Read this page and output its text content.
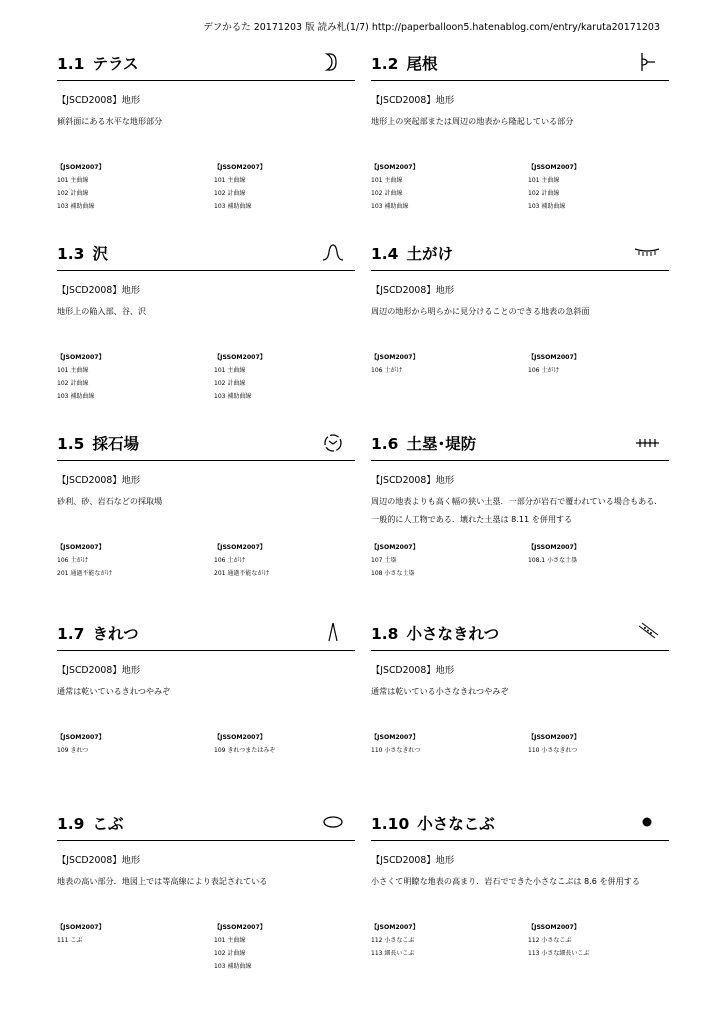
デフかるた 20171203 版 読み札(1/7) http://paperballoon5.hatenablog.com/entry/karuta20171203
1.1 テラス
【JSCD2008】地形
傾斜面にある水平な地形部分
【JSOM2007】
101 主曲線
102 計曲線
103 補助曲線
【JSSOM2007】
101 主曲線
102 計曲線
103 補助曲線
1.2 尾根
【JSCD2008】地形
地形上の突起部または周辺の地表から隆起している部分
【JSOM2007】
101 主曲線
102 計曲線
103 補助曲線
【JSSOM2007】
101 主曲線
102 計曲線
103 補助曲線
1.3 沢
【JSCD2008】地形
地形上の陥入部、谷、沢
【JSOM2007】
101 主曲線
102 計曲線
103 補助曲線
【JSSOM2007】
101 主曲線
102 計曲線
103 補助曲線
1.4 土がけ
【JSCD2008】地形
周辺の地形から明らかに見分けることのできる地表の急斜面
【JSOM2007】
106 土がけ
【JSSOM2007】
106 土がけ
1.5 採石場
【JSCD2008】地形
砂利、砂、岩石などの採取場
【JSOM2007】
106 土がけ
201 通過不能ながけ
【JSSOM2007】
106 土がけ
201 通過不能ながけ
1.6 土塁･堤防
【JSCD2008】地形
周辺の地表よりも高く幅の狭い土塁．一部分が岩石で覆われている場合もある．一般的に人工物である．壊れた土塁は 8.11 を併用する
【JSOM2007】
107 土塁
108 小さな土塁
【JSSOM2007】
108.1 小さな土塁
1.7 きれつ
【JSCD2008】地形
通常は乾いているきれつやみぞ
【JSOM2007】
109 きれつ
【JSSOM2007】
109 きれつまたはみぞ
1.8 小さなきれつ
【JSCD2008】地形
通常は乾いている小さなきれつやみぞ
【JSOM2007】
110 小さなきれつ
【JSSOM2007】
110 小さなきれつ
1.9 こぶ
【JSCD2008】地形
地表の高い部分．地図上では等高線により表記されている
【JSOM2007】
111 こぶ
【JSSOM2007】
101 主曲線
102 計曲線
103 補助曲線
1.10 小さなこぶ
【JSCD2008】地形
小さくて明瞭な地表の高まり．岩石でできた小さなこぶは 8.6 を併用する
【JSOM2007】
112 小さなこぶ
113 細長いこぶ
【JSSOM2007】
112 小さなこぶ
113 小さな細長いこぶ
